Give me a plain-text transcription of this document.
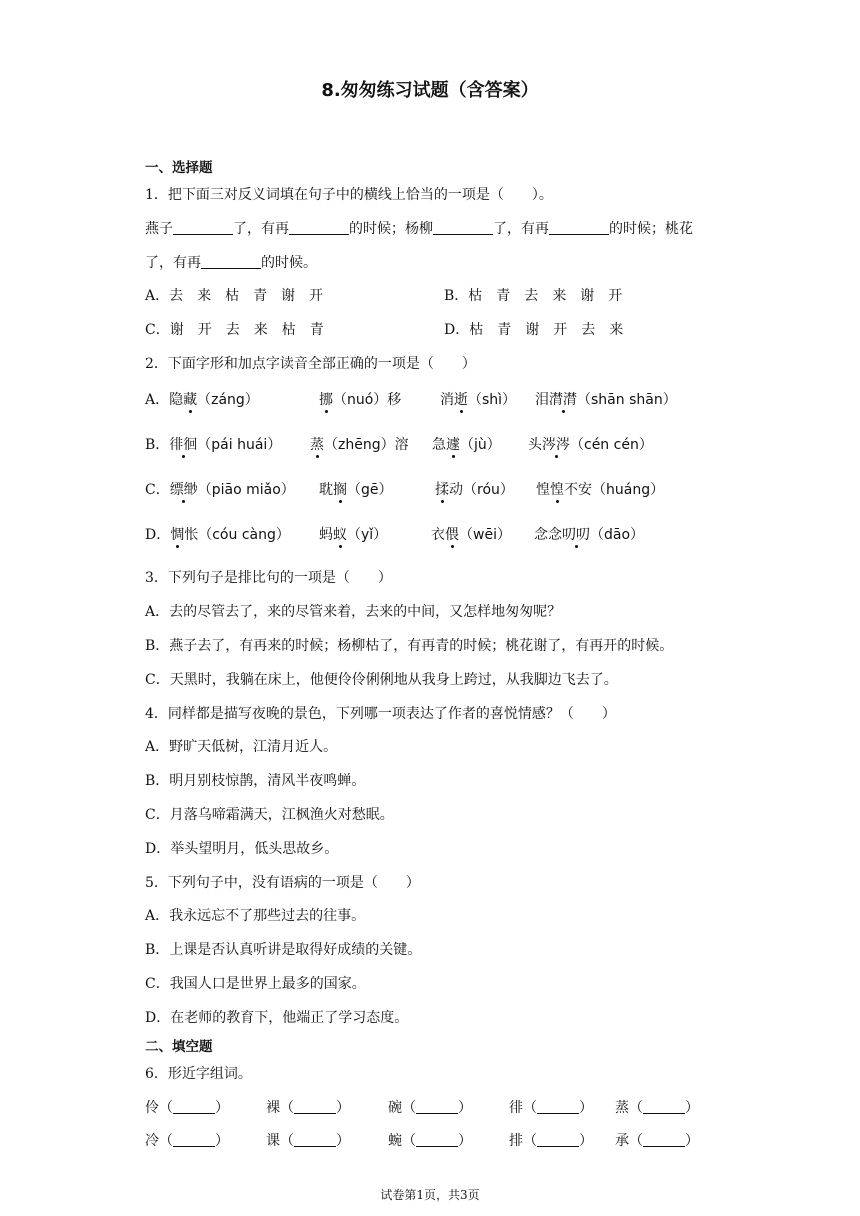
8.匆匆练习试题（含答案）
一、选择题
1．把下面三对反义词填在句子中的横线上恰当的一项是（　　）。
燕子	了，有再	的时候；杨柳	了，有再	的时候；桃花
了，有再	的时候。
A．去　来　枯　青　谢　开	B．枯　青　去　来　谢　开
C．谢　开　去　来　枯　青	D．枯　青　谢　开　去　来
2．下面字形和加点字读音全部正确的一项是（　　）
A．隐藏（záng）	挪（nuó）移	消逝（shì） 泪潸潸（shān shān）
B．徘徊（pái huái） 蒸（zhēng）溶 急遽（jù） 头涔涔（cén cén）
C．缥缈（piāo miǎo） 耽搁（gē）	揉动（róu） 惶惶不安（huáng）
D．惆怅（cóu càng） 蚂蚁（yǐ）	衣偎（wēi） 念念叨叨（dāo）
3．下列句子是排比句的一项是（　　）
A．去的尽管去了，来的尽管来着，去来的中间，又怎样地匆匆呢？
B．燕子去了，有再来的时候；杨柳枯了，有再青的时候；桃花谢了，有再开的时候。
C．天黑时，我躺在床上，他便伶伶俐俐地从我身上跨过，从我脚边飞去了。
4．同样都是描写夜晚的景色，下列哪一项表达了作者的喜悦情感？（　　）
A．野旷天低树，江清月近人。
B．明月别枝惊鹊，清风半夜鸣蝉。
C．月落乌啼霜满天，江枫渔火对愁眠。
D．举头望明月，低头思故乡。
5．下列句子中，没有语病的一项是（　　）
A．我永远忘不了那些过去的往事。
B．上课是否认真听讲是取得好成绩的关键。
C．我国人口是世界上最多的国家。
D．在老师的教育下，他端正了学习态度。
二、填空题
6．形近字组词。
伶（	）	裸（	）	碗（	）	徘（	） 蒸（	）
冷（	）	课（	）	蜿（	）	排（	） 承（	）
试卷第1页，共3页
